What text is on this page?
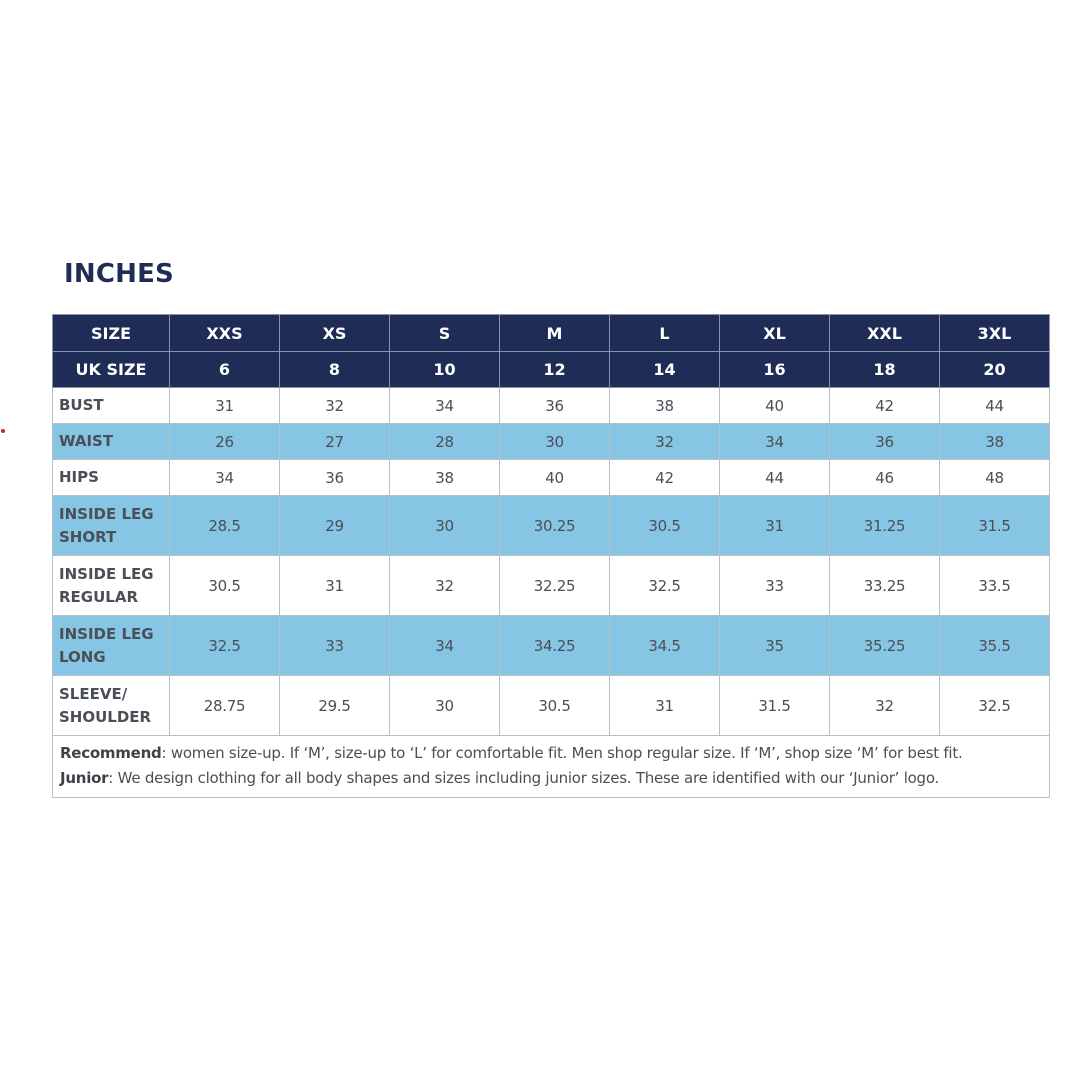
INCHES
SIZE	XXS	XS	S	M	L	XL	XXL	3XL
UK SIZE	6	8	10	12	14	16	18	20
BUST	31	32	34	36	38	40	42	44
WAIST	26	27	28	30	32	34	36	38
HIPS	34	36	38	40	42	44	46	48

INSIDE LEG
SHORT	28.5	29	30	30.25	30.5	31	31.25	31.5

INSIDE LEG
REGULAR	30.5	31	32	32.25	32.5	33	33.25	33.5

INSIDE LEG
LONG	32.5	33	34	34.25	34.5	35	35.25	35.5

SLEEVE/
SHOULDER	28.75	29.5	30	30.5	31	31.5	32	32.5

Recommend: women size-up. If ‘M’, size-up to ‘L’ for comfortable fit. Men shop regular size. If ‘M’, shop size ‘M’ for best fit.
Junior: We design clothing for all body shapes and sizes including junior sizes. These are identified with our ‘Junior’ logo.								
